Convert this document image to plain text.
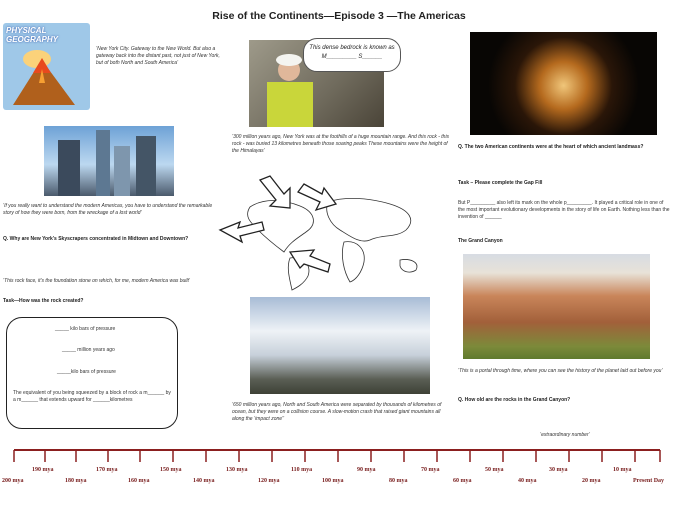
Rise of the Continents—Episode 3 —The Americas
PHYSICAL GEOGRAPHY
‘New York City. Gateway to the New World. But also a gateway back into the distant past, not just of New York, but of both North and South America’
This dense bedrock is known as
M_________ S______
‘300 million years ago, New York was at the foothills of a huge mountain range. And this rock - this rock - was buried 13 kilometres beneath those soaring peaks These mountains were the height of the Himalayas’
Q. The two American continents were at the heart of which ancient landmass?
‘If you really want to understand the modern Americas, you have to understand the remarkable story of how they were born, from the wreckage of a lost world’
Q. Why are New York’s Skyscrapers concentrated in Midtown and Downtown?
Task – Please complete the Gap Fill
But P_________ also left its mark on the whole p_________. It played a critical role in one of the most important evolutionary developments in the story of life on Earth. Nothing less than the invention of ______
The Grand Canyon
‘This is a portal through time, where you can see the history of the planet laid out before you’
Q. How old are the rocks in the Grand Canyon?
‘extraordinary number’
‘This rock face, it’s the foundation stone on which, for me, modern America was built’
Task—How was the rock created?
_____ kilo bars of pressure
_____ million years ago
_____kilo bars of pressure
The equivalent of you being squeezed by a block of rock a m______ by a m______ that extends upward for ______kilometres
‘650 million years ago, North and South America were separated by thousands of kilometres of ocean, but they were on a collision course. A slow-motion crash that raised giant mountains all along the ‘impact zone’’
190 mya	170 mya	150 mya	130 mya	110 mya	90 mya	70 mya	50 mya	30 mya	10 mya
200 mya	180 mya	160 mya	140 mya	120 mya	100 mya	80 mya	60 mya	40 mya	20 mya	Present Day
